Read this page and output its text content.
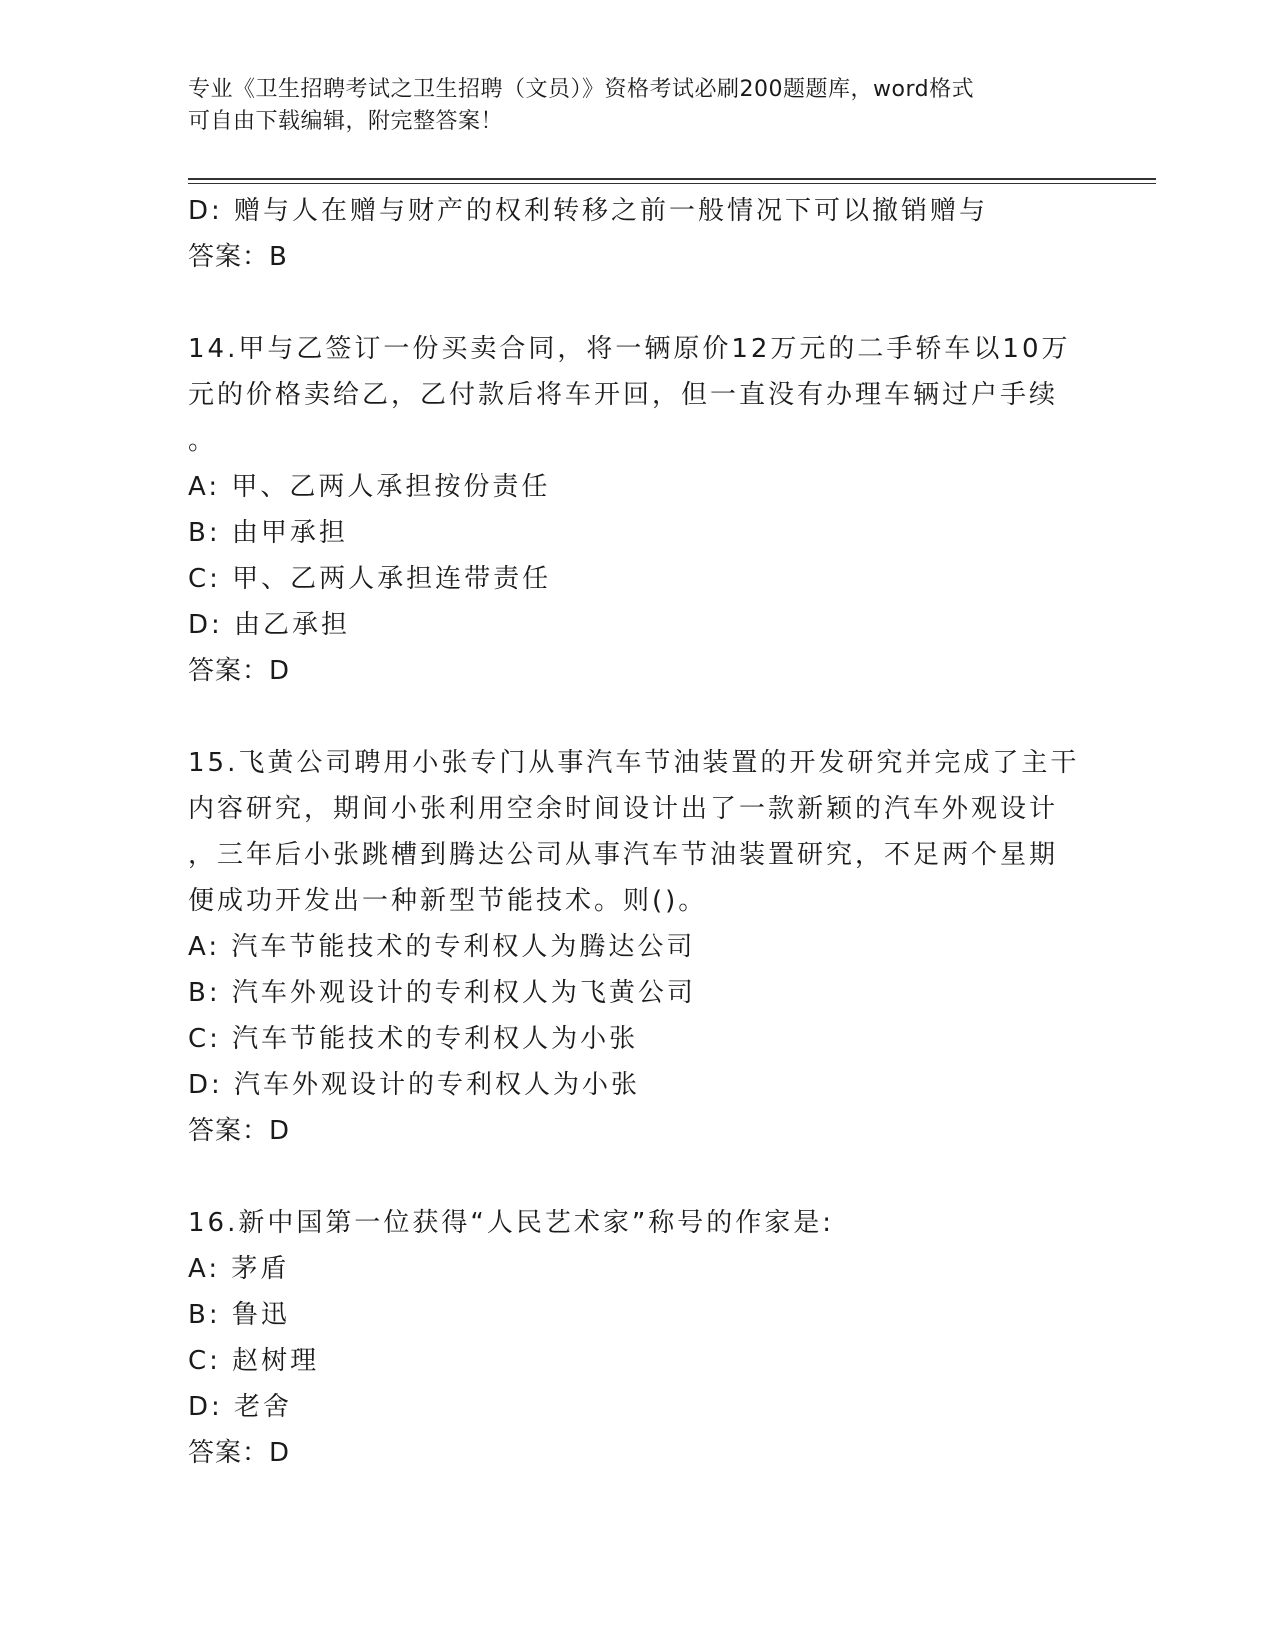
专业《卫生招聘考试之卫生招聘（文员）》资格考试必刷200题题库，word格式
可自由下载编辑，附完整答案！
D: 赠与人在赠与财产的权利转移之前一般情况下可以撤销赠与
答案：B
14.甲与乙签订一份买卖合同，将一辆原价12万元的二手轿车以10万
元的价格卖给乙，乙付款后将车开回，但一直没有办理车辆过户手续
。
A: 甲、乙两人承担按份责任
B: 由甲承担
C: 甲、乙两人承担连带责任
D: 由乙承担
答案：D
15.飞黄公司聘用小张专门从事汽车节油装置的开发研究并完成了主干
内容研究，期间小张利用空余时间设计出了一款新颖的汽车外观设计
，三年后小张跳槽到腾达公司从事汽车节油装置研究，不足两个星期
便成功开发出一种新型节能技术。则()。
A: 汽车节能技术的专利权人为腾达公司
B: 汽车外观设计的专利权人为飞黄公司
C: 汽车节能技术的专利权人为小张
D: 汽车外观设计的专利权人为小张
答案：D
16.新中国第一位获得“人民艺术家”称号的作家是:
A: 茅盾
B: 鲁迅
C: 赵树理
D: 老舍
答案：D
